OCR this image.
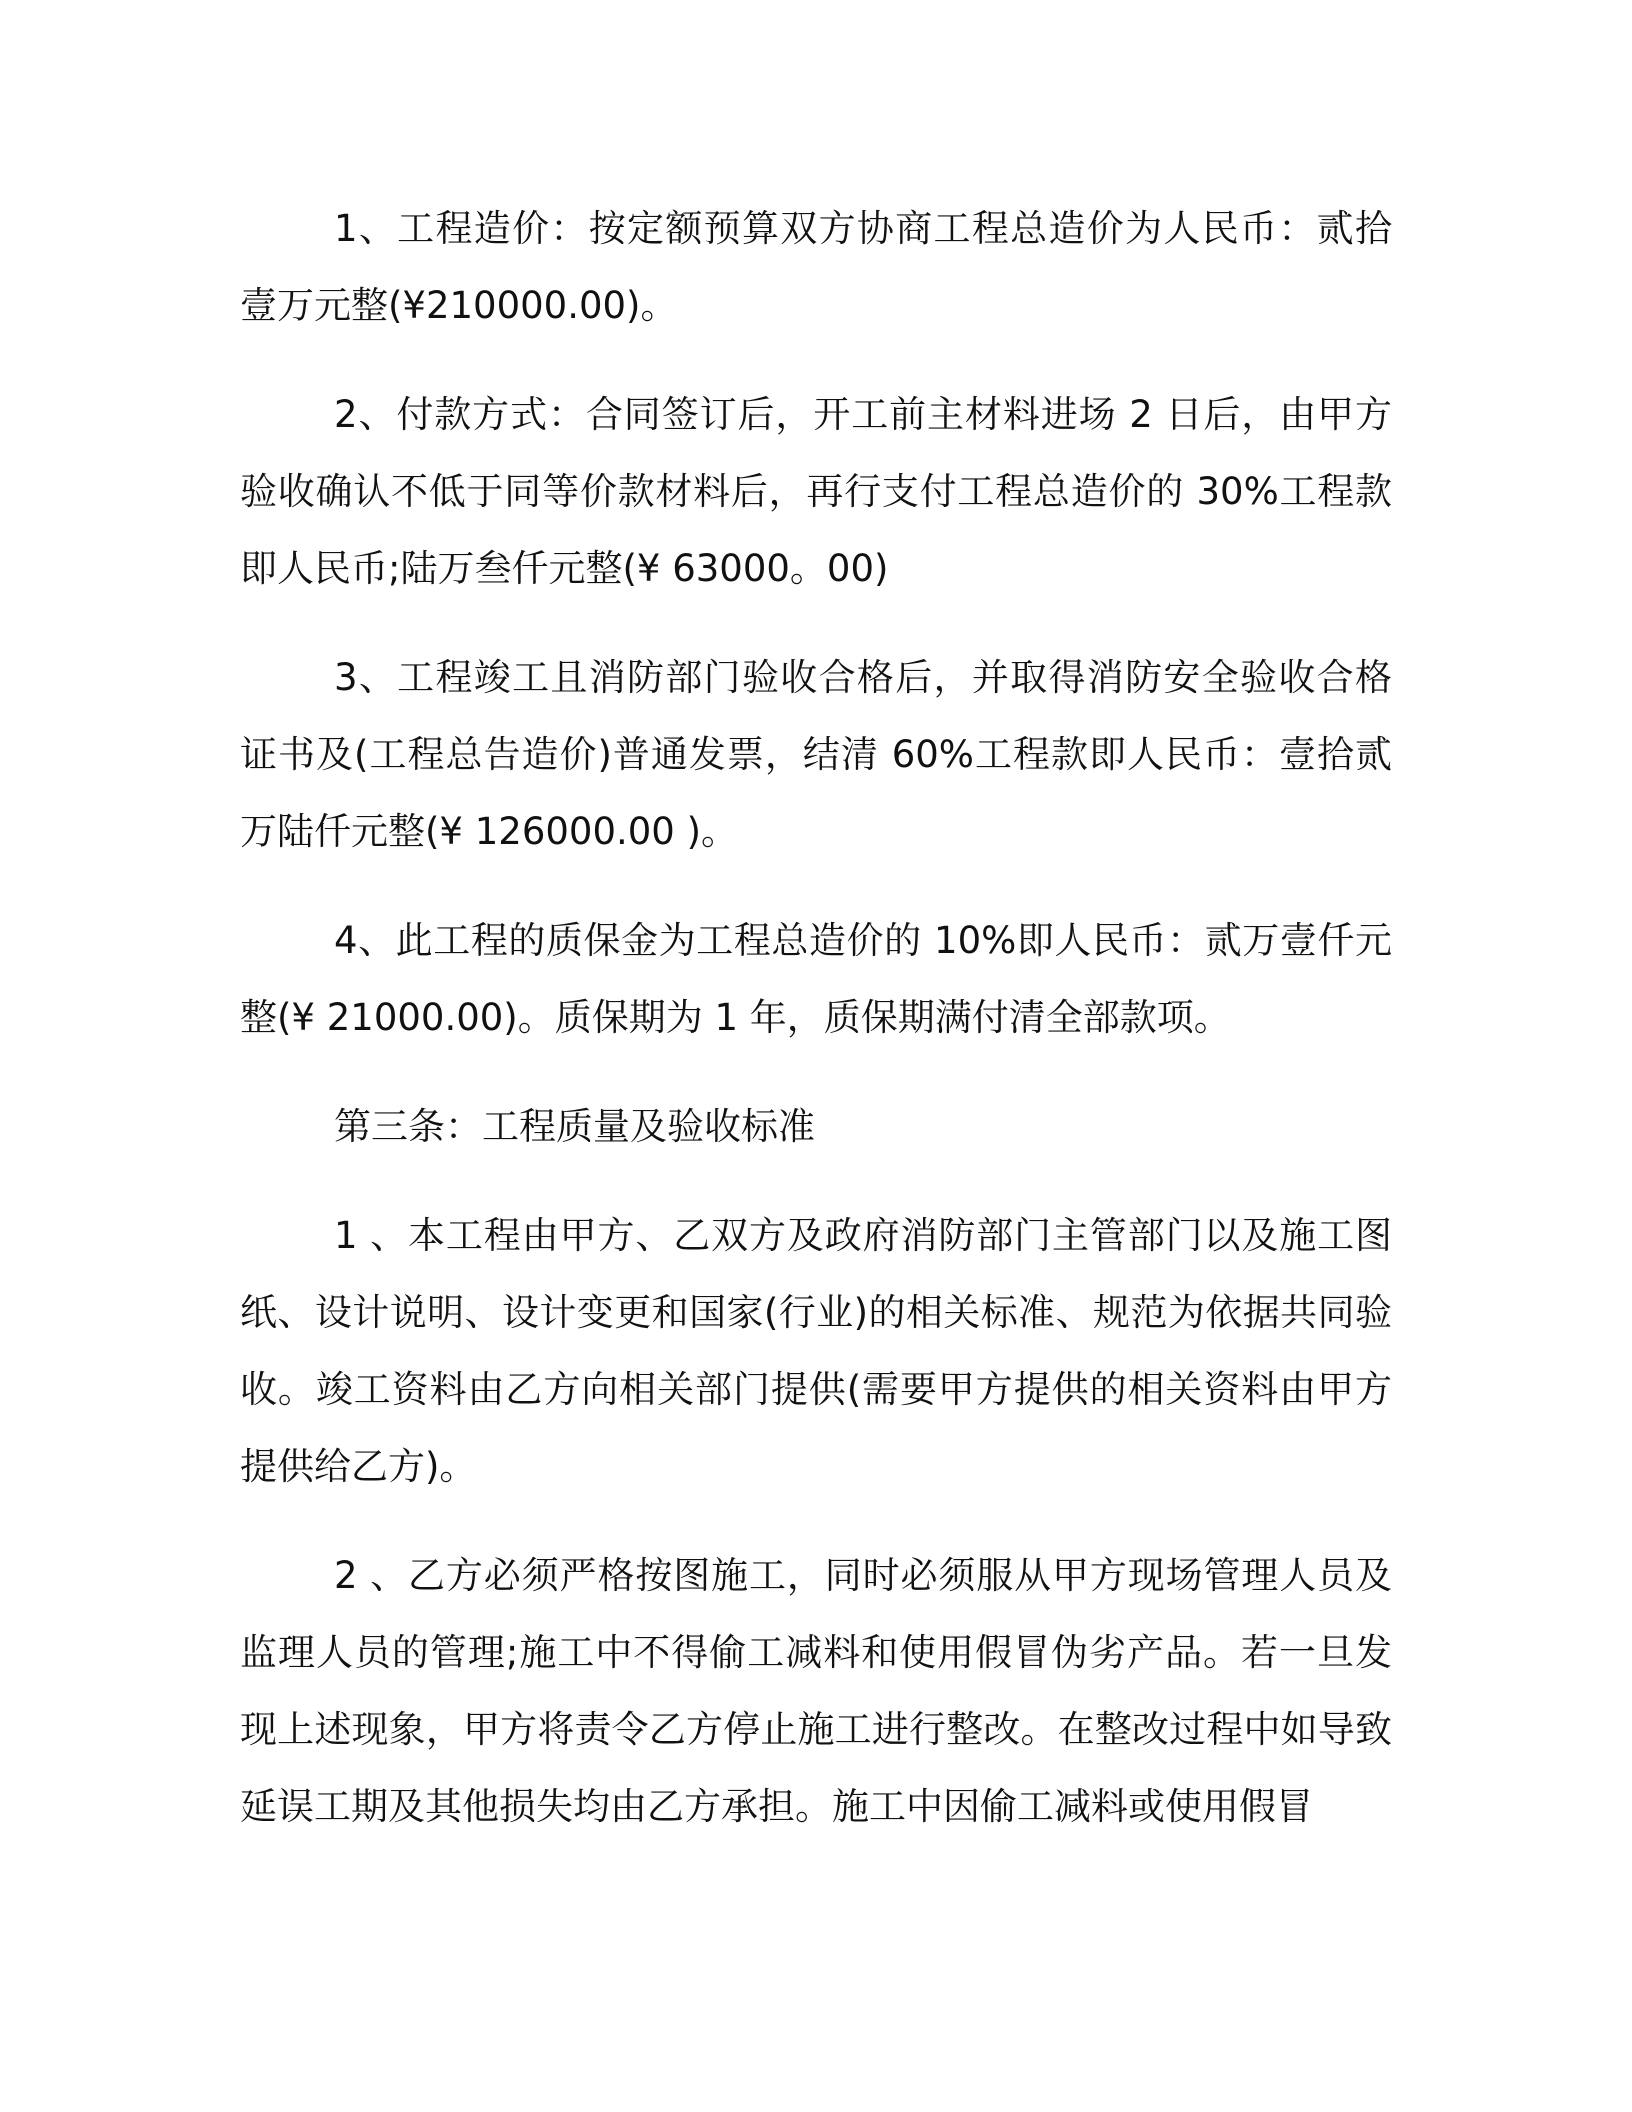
1、工程造价：按定额预算双方协商工程总造价为人民币：贰拾壹万元整(¥210000.00)。

2、付款方式：合同签订后，开工前主材料进场 2 日后，由甲方验收确认不低于同等价款材料后，再行支付工程总造价的 30%工程款即人民币;陆万叁仟元整(¥ 63000。00)

3、工程竣工且消防部门验收合格后，并取得消防安全验收合格证书及(工程总告造价)普通发票，结清 60%工程款即人民币：壹拾贰万陆仟元整(¥ 126000.00 )。

4、此工程的质保金为工程总造价的 10%即人民币：贰万壹仟元整(¥ 21000.00)。质保期为 1 年，质保期满付清全部款项。

第三条：工程质量及验收标准

1 、本工程由甲方、乙双方及政府消防部门主管部门以及施工图纸、设计说明、设计变更和国家(行业)的相关标准、规范为依据共同验收。竣工资料由乙方向相关部门提供(需要甲方提供的相关资料由甲方提供给乙方)。

2 、乙方必须严格按图施工，同时必须服从甲方现场管理人员及监理人员的管理;施工中不得偷工减料和使用假冒伪劣产品。若一旦发现上述现象，甲方将责令乙方停止施工进行整改。在整改过程中如导致延误工期及其他损失均由乙方承担。施工中因偷工减料或使用假冒
